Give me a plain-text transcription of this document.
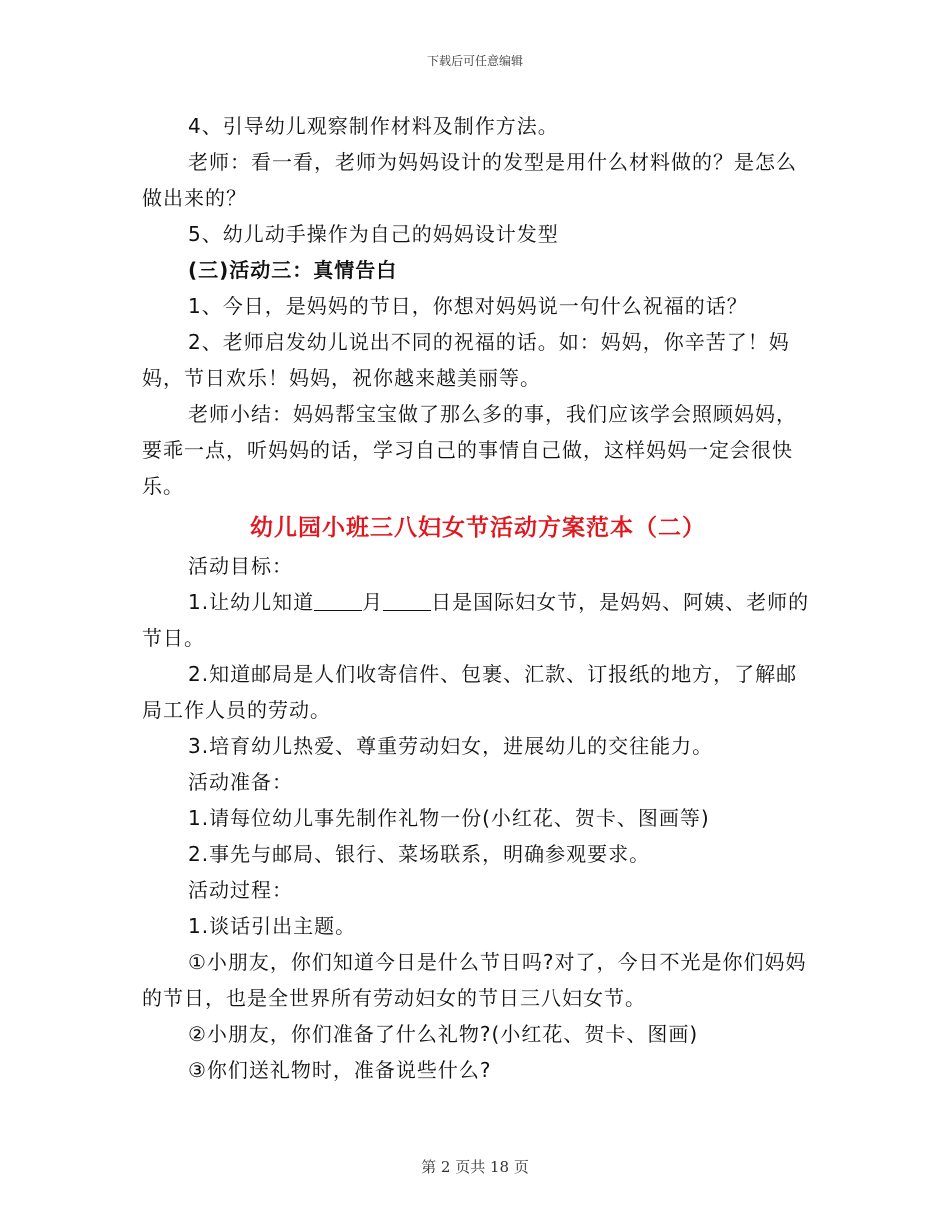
下载后可任意编辑

4、引导幼儿观察制作材料及制作方法。

老师：看一看，老师为妈妈设计的发型是用什么材料做的？是怎么做出来的？

5、幼儿动手操作为自己的妈妈设计发型

(三)活动三：真情告白

1、今日，是妈妈的节日，你想对妈妈说一句什么祝福的话？

2、老师启发幼儿说出不同的祝福的话。如：妈妈，你辛苦了！妈妈，节日欢乐！妈妈，祝你越来越美丽等。

老师小结：妈妈帮宝宝做了那么多的事，我们应该学会照顾妈妈，要乖一点，听妈妈的话，学习自己的事情自己做，这样妈妈一定会很快乐。

幼儿园小班三八妇女节活动方案范本（二）

活动目标：

1.让幼儿知道 月 日是国际妇女节，是妈妈、阿姨、老师的节日。

2.知道邮局是人们收寄信件、包裹、汇款、订报纸的地方，了解邮局工作人员的劳动。

3.培育幼儿热爱、尊重劳动妇女，进展幼儿的交往能力。

活动准备：

1.请每位幼儿事先制作礼物一份(小红花、贺卡、图画等)

2.事先与邮局、银行、菜场联系，明确参观要求。

活动过程：

1.谈话引出主题。

①小朋友，你们知道今日是什么节日吗?对了，今日不光是你们妈妈的节日，也是全世界所有劳动妇女的节日三八妇女节。

②小朋友，你们准备了什么礼物?(小红花、贺卡、图画)

③你们送礼物时，准备说些什么?

第 2 页共 18 页
